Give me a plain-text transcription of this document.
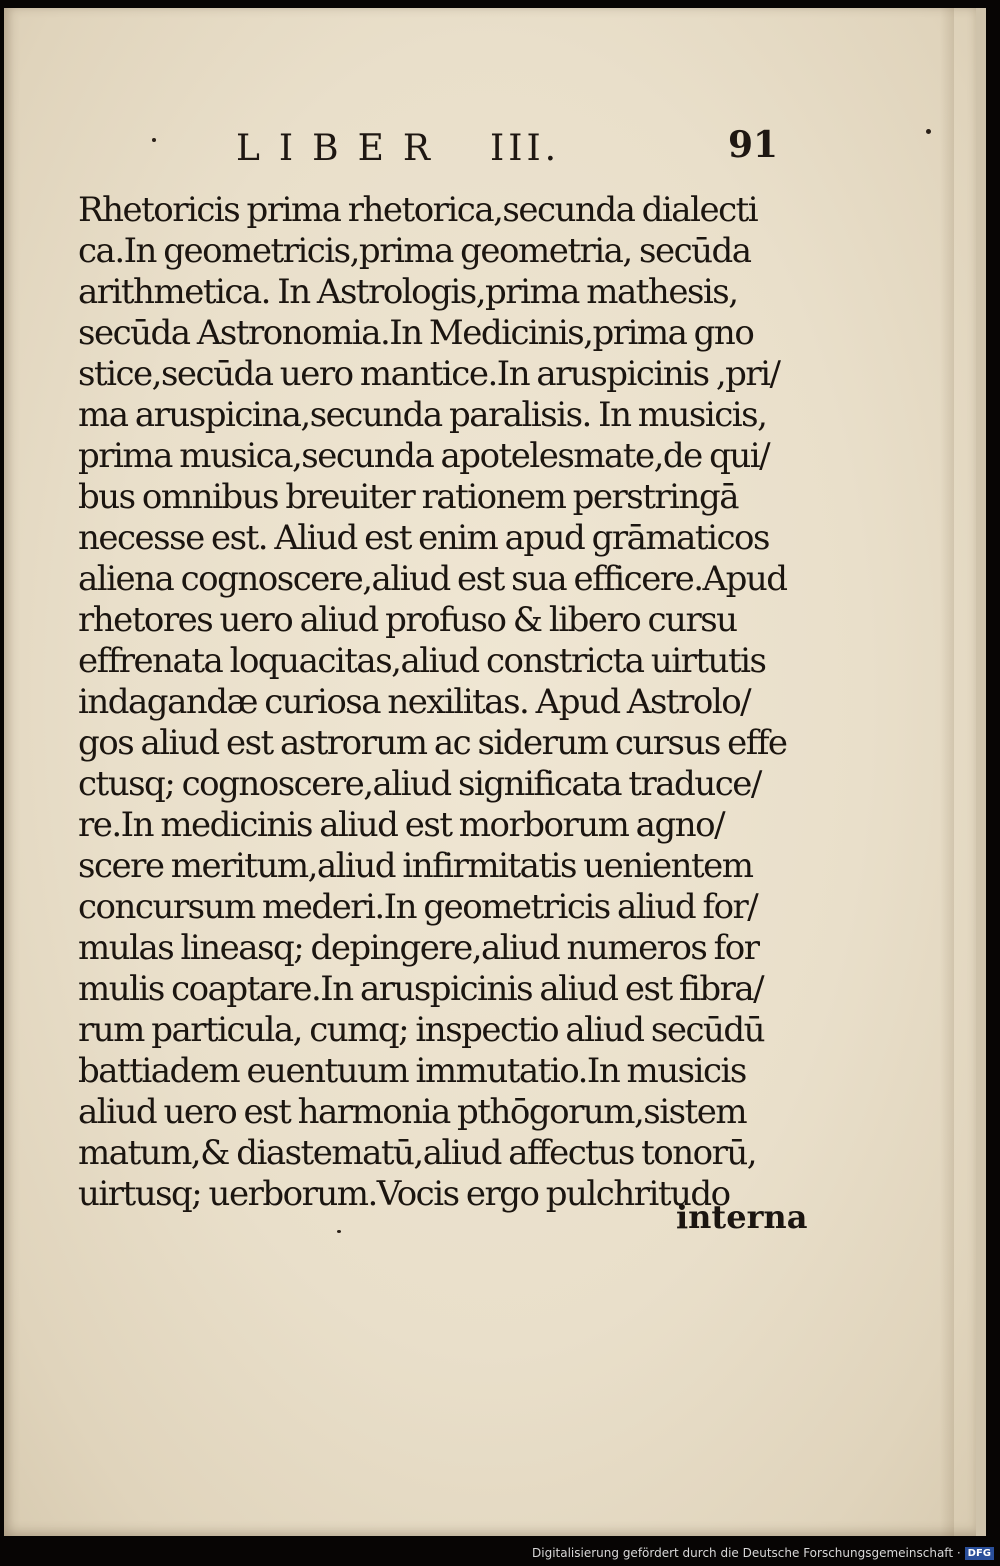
LIBER III.	91
Rhetoricis prima rhetorica,secunda dialecti
ca.In geometricis,prima geometria, secūda
arithmetica. In Astrologis,prima mathesis,
secūda Astronomia.In Medicinis,prima gno
stice,secūda uero mantice.In aruspicinis ,pri/
ma aruspicina,secunda paralisis. In musicis,
prima musica,secunda apotelesmate,de qui/
bus omnibus breuiter rationem perstringā
necesse est. Aliud est enim apud grāmaticos
aliena cognoscere,aliud est sua efficere.Apud
rhetores uero aliud profuso & libero cursu
effrenata loquacitas,aliud constricta uirtutis
indagandæ curiosa nexilitas. Apud Astrolo/
gos aliud est astrorum ac siderum cursus effe
ctusq; cognoscere,aliud significata traduce/
re.In medicinis aliud est morborum agno/
scere meritum,aliud infirmitatis uenientem
concursum mederi.In geometricis aliud for/
mulas lineasq; depingere,aliud numeros for
mulis coaptare.In aruspicinis aliud est fibra/
rum particula, cumq; inspectio aliud secūdū
battiadem euentuum immutatio.In musicis
aliud uero est harmonia pthōgorum,sistem
matum,& diastematū,aliud affectus tonorū,
uirtusq; uerborum.Vocis ergo pulchritudo
interna
Digitalisierung gefördert durch die Deutsche Forschungsgemeinschaft · DFG
